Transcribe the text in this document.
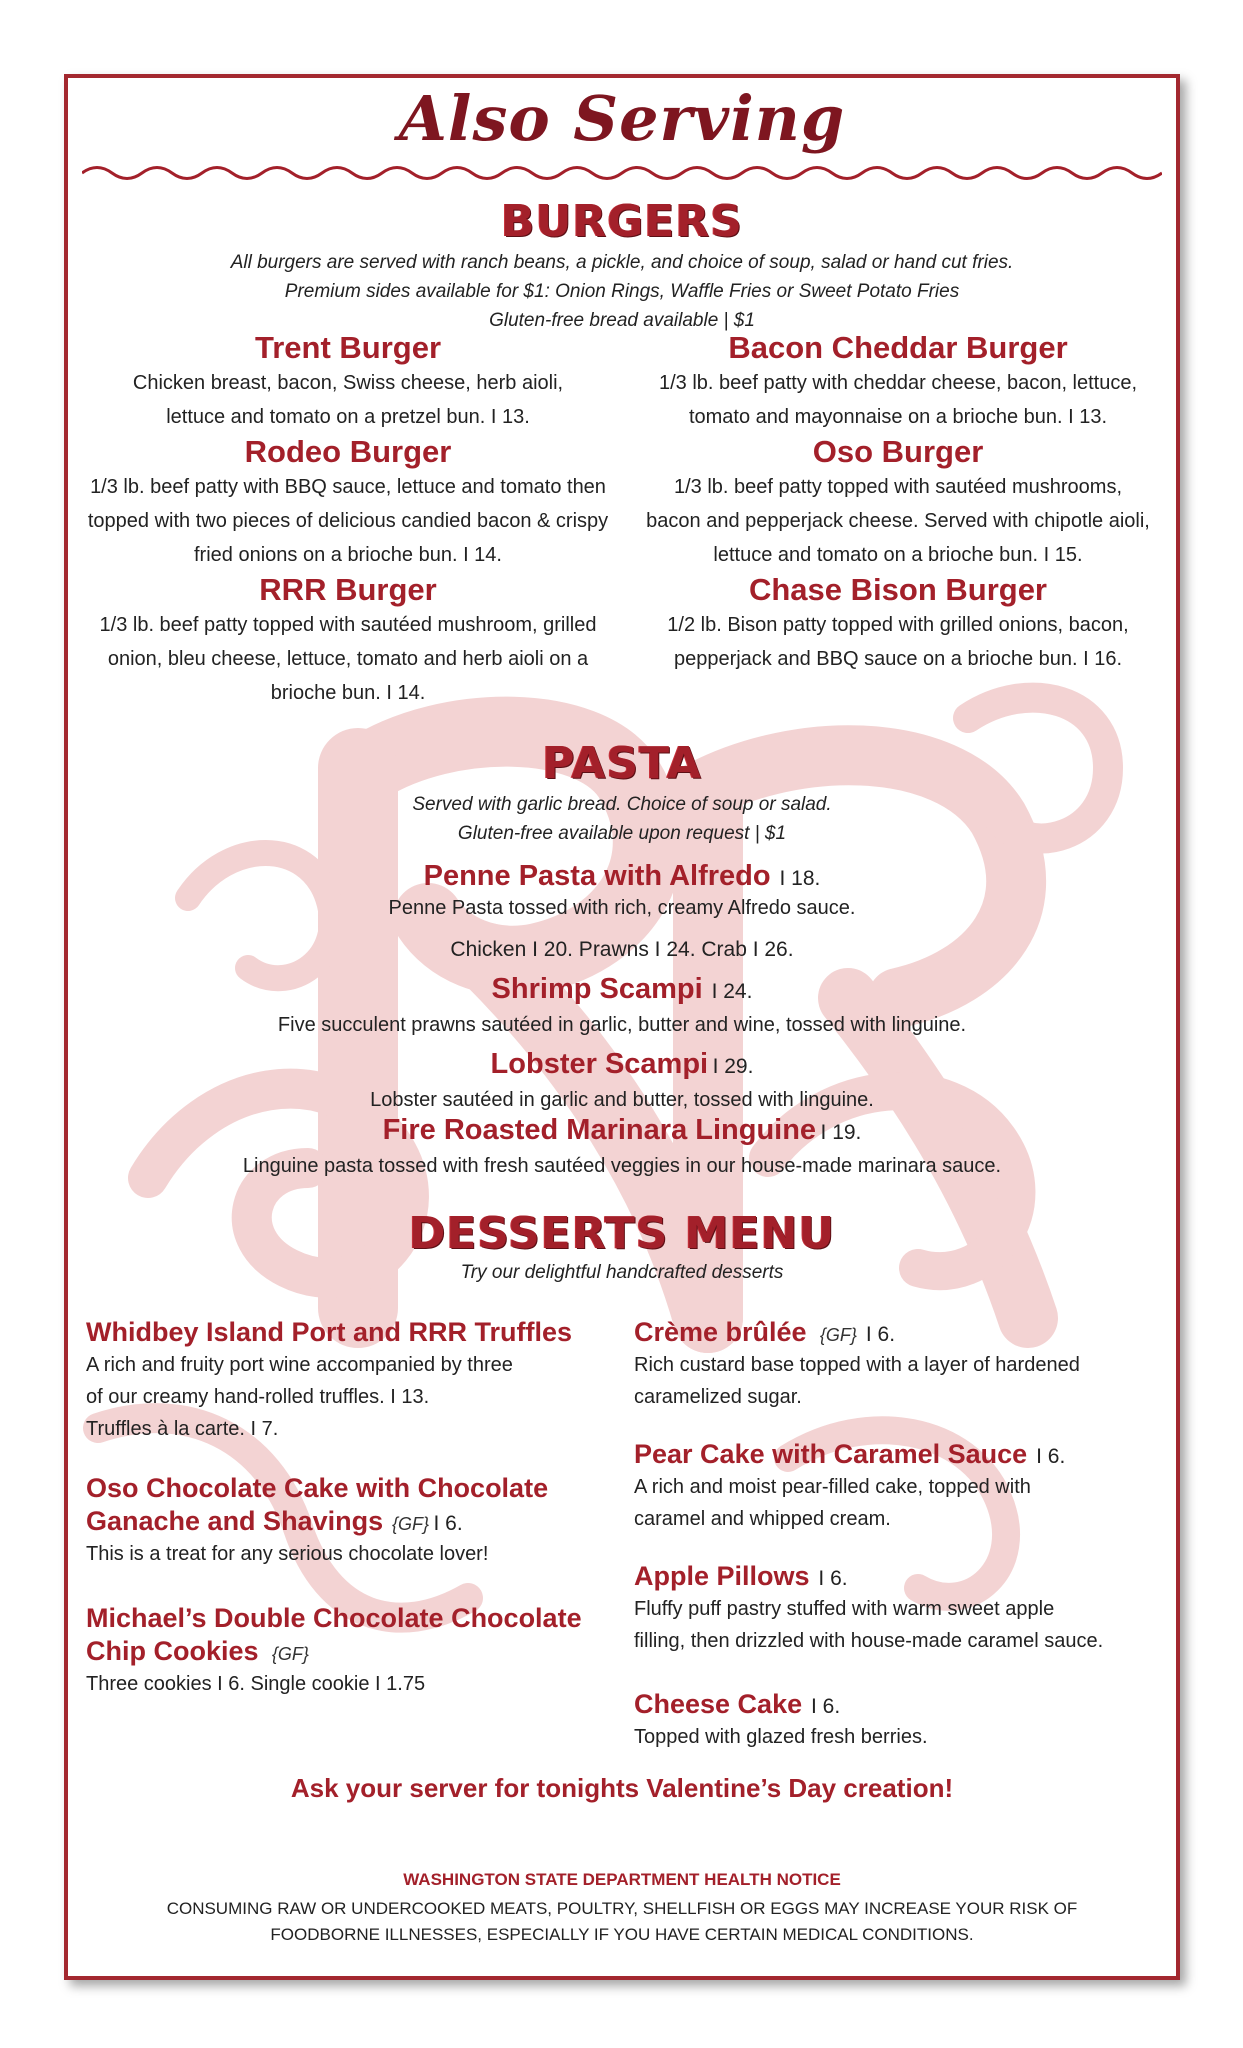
Also Serving
BURGERS
All burgers are served with ranch beans, a pickle, and choice of soup, salad or hand cut fries.
Premium sides available for $1: Onion Rings, Waffle Fries or Sweet Potato Fries
Gluten-free bread available | $1
Trent Burger
Chicken breast, bacon, Swiss cheese, herb aioli,
lettuce and tomato on a pretzel bun. I 13.
Rodeo Burger
1/3 lb. beef patty with BBQ sauce, lettuce and tomato then
topped with two pieces of delicious candied bacon & crispy
fried onions on a brioche bun. I 14.
RRR Burger
1/3 lb. beef patty topped with sautéed mushroom, grilled
onion, bleu cheese, lettuce, tomato and herb aioli on a
brioche bun. I 14.
Bacon Cheddar Burger
1/3 lb. beef patty with cheddar cheese, bacon, lettuce,
tomato and mayonnaise on a brioche bun. I 13.
Oso Burger
1/3 lb. beef patty topped with sautéed mushrooms,
bacon and pepperjack cheese. Served with chipotle aioli,
lettuce and tomato on a brioche bun. I 15.
Chase Bison Burger
1/2 lb. Bison patty topped with grilled onions, bacon,
pepperjack and BBQ sauce on a brioche bun. I 16.
PASTA
Served with garlic bread. Choice of soup or salad.
Gluten-free available upon request | $1
Penne Pasta with Alfredo I 18.
Penne Pasta tossed with rich, creamy Alfredo sauce.
Chicken I 20. Prawns I 24. Crab I 26.
Shrimp Scampi I 24.
Five succulent prawns sautéed in garlic, butter and wine, tossed with linguine.
Lobster Scampi I 29.
Lobster sautéed in garlic and butter, tossed with linguine.
Fire Roasted Marinara Linguine I 19.
Linguine pasta tossed with fresh sautéed veggies in our house-made marinara sauce.
DESSERTS MENU
Try our delightful handcrafted desserts
Whidbey Island Port and RRR Truffles
A rich and fruity port wine accompanied by three
of our creamy hand-rolled truffles. I 13.
Truffles à la carte. I 7.
Oso Chocolate Cake with Chocolate
Ganache and Shavings {GF} I 6.
This is a treat for any serious chocolate lover!
Michael’s Double Chocolate Chocolate
Chip Cookies {GF}
Three cookies I 6. Single cookie I 1.75
Crème brûlée {GF} I 6.
Rich custard base topped with a layer of hardened
caramelized sugar.
Pear Cake with Caramel Sauce I 6.
A rich and moist pear-filled cake, topped with
caramel and whipped cream.
Apple Pillows I 6.
Fluffy puff pastry stuffed with warm sweet apple
filling, then drizzled with house-made caramel sauce.
Cheese Cake I 6.
Topped with glazed fresh berries.
Ask your server for tonights Valentine’s Day creation!
WASHINGTON STATE DEPARTMENT HEALTH NOTICE
CONSUMING RAW OR UNDERCOOKED MEATS, POULTRY, SHELLFISH OR EGGS MAY INCREASE YOUR RISK OF
FOODBORNE ILLNESSES, ESPECIALLY IF YOU HAVE CERTAIN MEDICAL CONDITIONS.
